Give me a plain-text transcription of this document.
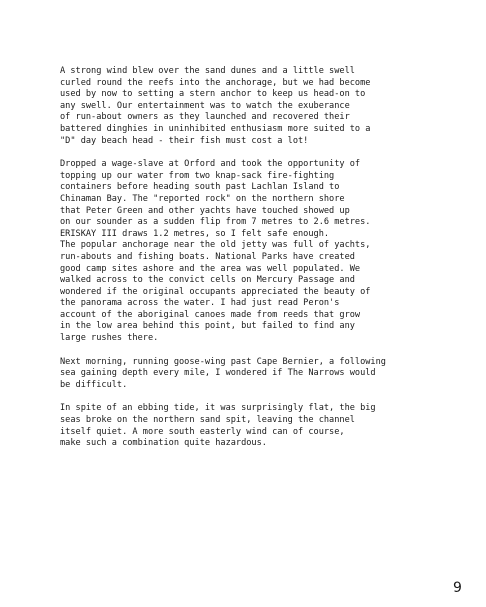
A strong wind blew over the sand dunes and a little swell
curled round the reefs into the anchorage, but we had become
used by now to setting a stern anchor to keep us head-on to
any swell. Our entertainment was to watch the exuberance
of run-about owners as they launched and recovered their
battered dinghies in uninhibited enthusiasm more suited to a
"D" day beach head - their fish must cost a lot!
Dropped a wage-slave at Orford and took the opportunity of
topping up our water from two knap-sack fire-fighting
containers before heading south past Lachlan Island to
Chinaman Bay. The "reported rock" on the northern shore
that Peter Green and other yachts have touched showed up
on our sounder as a sudden flip from 7 metres to 2.6 metres.
ERISKAY III draws 1.2 metres, so I felt safe enough.
The popular anchorage near the old jetty was full of yachts,
run-abouts and fishing boats. National Parks have created
good camp sites ashore and the area was well populated. We
walked across to the convict cells on Mercury Passage and
wondered if the original occupants appreciated the beauty of
the panorama across the water. I had just read Peron's
account of the aboriginal canoes made from reeds that grow
in the low area behind this point, but failed to find any
large rushes there.
Next morning, running goose-wing past Cape Bernier, a following
sea gaining depth every mile, I wondered if The Narrows would
be difficult.
In spite of an ebbing tide, it was surprisingly flat, the big
seas broke on the northern sand spit, leaving the channel
itself quiet. A more south easterly wind can of course,
make such a combination quite hazardous.
9
